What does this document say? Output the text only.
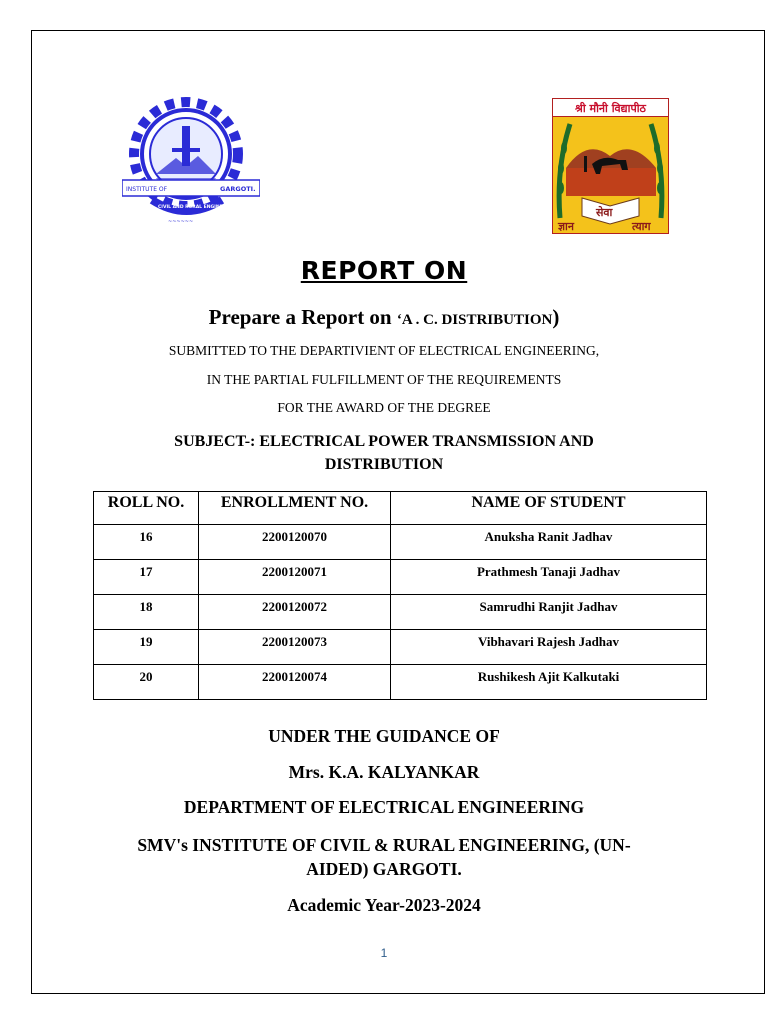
INSTITUTE OF	GARGOTI.
CIVIL AND RURAL ENGINEERING
~~~~~~
श्री मौनी विद्यापीठ
ज्ञान
सेवा
त्याग
REPORT ON
Prepare a Report on ‘A . C. DISTRIBUTION)
SUBMITTED TO THE DEPARTIVIENT OF ELECTRICAL ENGINEERING,
IN THE PARTIAL FULFILLMENT OF THE REQUIREMENTS
FOR THE AWARD OF THE DEGREE
SUBJECT-: ELECTRICAL POWER TRANSMISSION AND
DISTRIBUTION
ROLL NO.	ENROLLMENT NO.	NAME OF STUDENT
16	2200120070	Anuksha Ranit Jadhav
17	2200120071	Prathmesh Tanaji Jadhav
18	2200120072	Samrudhi Ranjit Jadhav
19	2200120073	Vibhavari Rajesh Jadhav
20	2200120074	Rushikesh Ajit Kalkutaki
UNDER THE GUIDANCE OF
Mrs. K.A. KALYANKAR
DEPARTMENT OF ELECTRICAL ENGINEERING
SMV's INSTITUTE OF CIVIL & RURAL ENGINEERING, (UN-
AIDED) GARGOTI.
Academic Year-2023-2024
1
